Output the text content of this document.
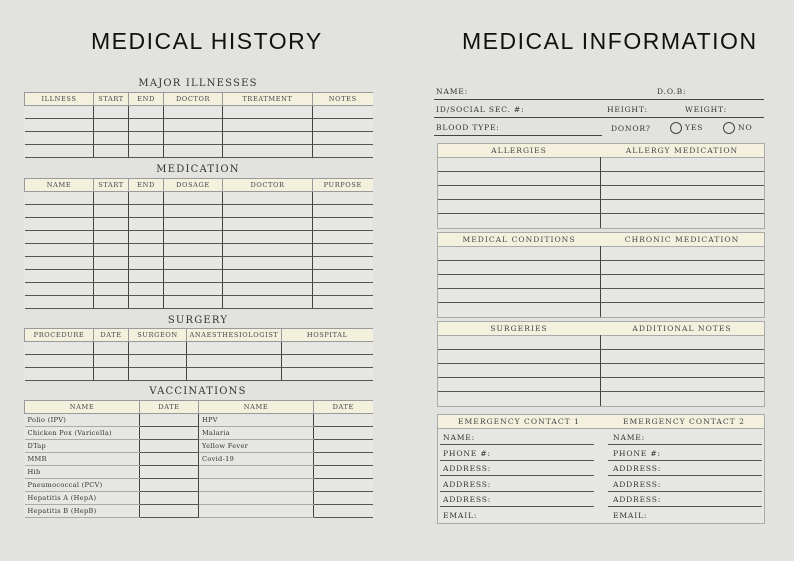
MEDICAL HISTORY
MAJOR ILLNESSES
ILLNESS	START	END	DOCTOR	TREATMENT	NOTES

MEDICATION
NAME	START	END	DOSAGE	DOCTOR	PURPOSE

SURGERY
PROCEDURE	DATE	SURGEON	ANAESTHESIOLOGIST	HOSPITAL

VACCINATIONS
NAME	DATE	NAME	DATE
Polio (IPV)		HPV	
Chicken Pox (Varicella)		Malaria	
DTap		Yellow Fever	
MMR		Covid-19	
Hib			
Pneumococcal (PCV)			
Hepatitis A (HepA)			
Hepatitis B (HepB)			
MEDICAL INFORMATION
NAME:	D.O.B:
ID/SOCIAL SEC. #:	HEIGHT:	WEIGHT:
BLOOD TYPE:	DONOR?	YES	NO
ALLERGIES	ALLERGY MEDICATION
MEDICAL CONDITIONS	CHRONIC MEDICATION
SURGERIES	ADDITIONAL NOTES
EMERGENCY CONTACT 1	EMERGENCY CONTACT 2
NAME:
PHONE #:
ADDRESS:
ADDRESS:
ADDRESS:
EMAIL:
NAME:
PHONE #:
ADDRESS:
ADDRESS:
ADDRESS:
EMAIL:
